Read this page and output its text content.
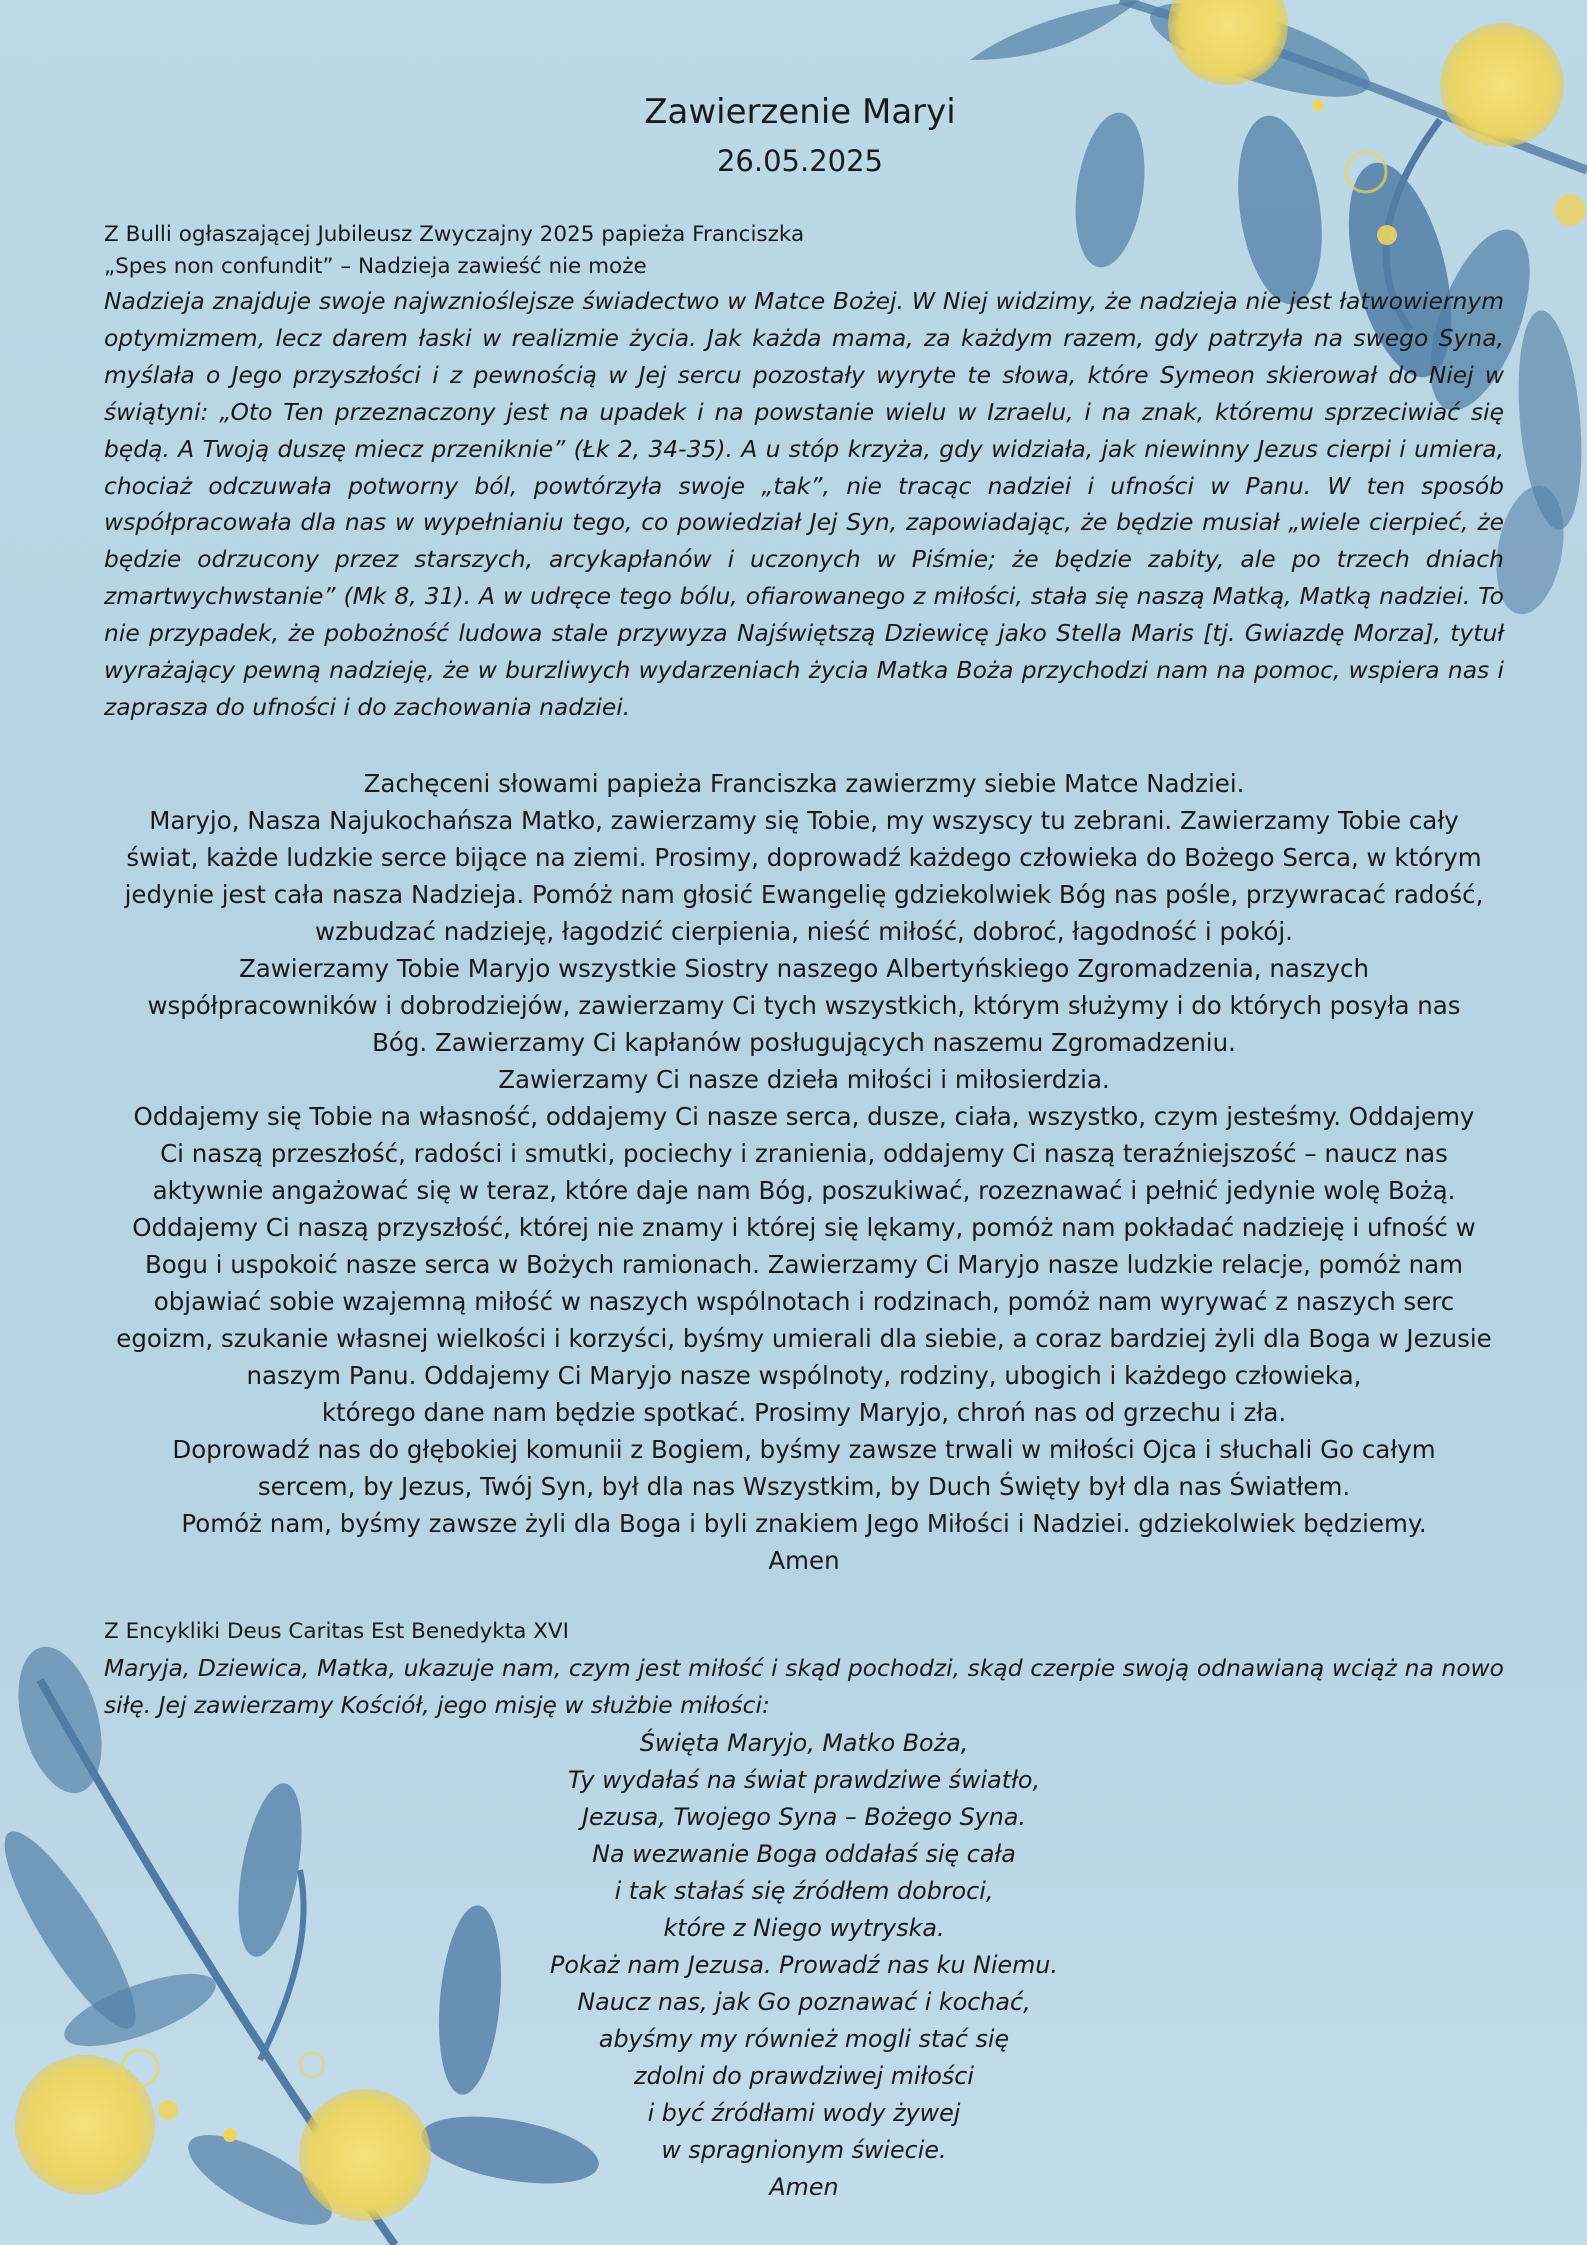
Zawierzenie Maryi
26.05.2025
Z Bulli ogłaszającej Jubileusz Zwyczajny 2025 papieża Franciszka
„Spes non confundit” – Nadzieja zawieść nie może

Nadzieja znajduje swoje najwznioślejsze świadectwo w Matce Bożej. W Niej widzimy, że nadzieja nie jest łatwowiernym optymizmem, lecz darem łaski w realizmie życia. Jak każda mama, za każdym razem, gdy patrzyła na swego Syna, myślała o Jego przyszłości i z pewnością w Jej sercu pozostały wyryte te słowa, które Symeon skierował do Niej w świątyni: „Oto Ten przeznaczony jest na upadek i na powstanie wielu w Izraelu, i na znak, któremu sprzeciwiać się będą. A Twoją duszę miecz przeniknie” (Łk 2, 34-35). A u stóp krzyża, gdy widziała, jak niewinny Jezus cierpi i umiera, chociaż odczuwała potworny ból, powtórzyła swoje „tak”, nie tracąc nadziei i ufności w Panu. W ten sposób współpracowała dla nas w wypełnianiu tego, co powiedział Jej Syn, zapowiadając, że będzie musiał „wiele cierpieć, że będzie odrzucony przez starszych, arcykapłanów i uczonych w Piśmie; że będzie zabity, ale po trzech dniach zmartwychwstanie” (Mk 8, 31). A w udręce tego bólu, ofiarowanego z miłości, stała się naszą Matką, Matką nadziei. To nie przypadek, że pobożność ludowa stale przywyza Najświętszą Dziewicę jako Stella Maris [tj. Gwiazdę Morza], tytuł wyrażający pewną nadzieję, że w burzliwych wydarzeniach życia Matka Boża przychodzi nam na pomoc, wspiera nas i zaprasza do ufności i do zachowania nadziei.

Zachęceni słowami papieża Franciszka zawierzmy siebie Matce Nadziei.
Maryjo, Nasza Najukochańsza Matko, zawierzamy się Tobie, my wszyscy tu zebrani. Zawierzamy Tobie cały
świat, każde ludzkie serce bijące na ziemi. Prosimy, doprowadź każdego człowieka do Bożego Serca, w którym
jedynie jest cała nasza Nadzieja. Pomóż nam głosić Ewangelię gdziekolwiek Bóg nas pośle, przywracać radość,
wzbudzać nadzieję, łagodzić cierpienia, nieść miłość, dobroć, łagodność i pokój.
Zawierzamy Tobie Maryjo wszystkie Siostry naszego Albertyńskiego Zgromadzenia, naszych
współpracowników i dobrodziejów, zawierzamy Ci tych wszystkich, którym służymy i do których posyła nas
Bóg. Zawierzamy Ci kapłanów posługujących naszemu Zgromadzeniu.
Zawierzamy Ci nasze dzieła miłości i miłosierdzia.
Oddajemy się Tobie na własność, oddajemy Ci nasze serca, dusze, ciała, wszystko, czym jesteśmy. Oddajemy
Ci naszą przeszłość, radości i smutki, pociechy i zranienia, oddajemy Ci naszą teraźniejszość – naucz nas
aktywnie angażować się w teraz, które daje nam Bóg, poszukiwać, rozeznawać i pełnić jedynie wolę Bożą.
Oddajemy Ci naszą przyszłość, której nie znamy i której się lękamy, pomóż nam pokładać nadzieję i ufność w
Bogu i uspokoić nasze serca w Bożych ramionach. Zawierzamy Ci Maryjo nasze ludzkie relacje, pomóż nam
objawiać sobie wzajemną miłość w naszych wspólnotach i rodzinach, pomóż nam wyrywać z naszych serc
egoizm, szukanie własnej wielkości i korzyści, byśmy umierali dla siebie, a coraz bardziej żyli dla Boga w Jezusie
naszym Panu. Oddajemy Ci Maryjo nasze wspólnoty, rodziny, ubogich i każdego człowieka,
którego dane nam będzie spotkać. Prosimy Maryjo, chroń nas od grzechu i zła.
Doprowadź nas do głębokiej komunii z Bogiem, byśmy zawsze trwali w miłości Ojca i słuchali Go całym
sercem, by Jezus, Twój Syn, był dla nas Wszystkim, by Duch Święty był dla nas Światłem.
Pomóż nam, byśmy zawsze żyli dla Boga i byli znakiem Jego Miłości i Nadziei. gdziekolwiek będziemy.
Amen
Z Encykliki Deus Caritas Est Benedykta XVI

Maryja, Dziewica, Matka, ukazuje nam, czym jest miłość i skąd pochodzi, skąd czerpie swoją odnawianą wciąż na nowo siłę. Jej zawierzamy Kościół, jego misję w służbie miłości:

Święta Maryjo, Matko Boża,
Ty wydałaś na świat prawdziwe światło,
Jezusa, Twojego Syna – Bożego Syna.
Na wezwanie Boga oddałaś się cała
i tak stałaś się źródłem dobroci,
które z Niego wytryska.
Pokaż nam Jezusa. Prowadź nas ku Niemu.
Naucz nas, jak Go poznawać i kochać,
abyśmy my również mogli stać się
zdolni do prawdziwej miłości
i być źródłami wody żywej
w spragnionym świecie.
Amen
